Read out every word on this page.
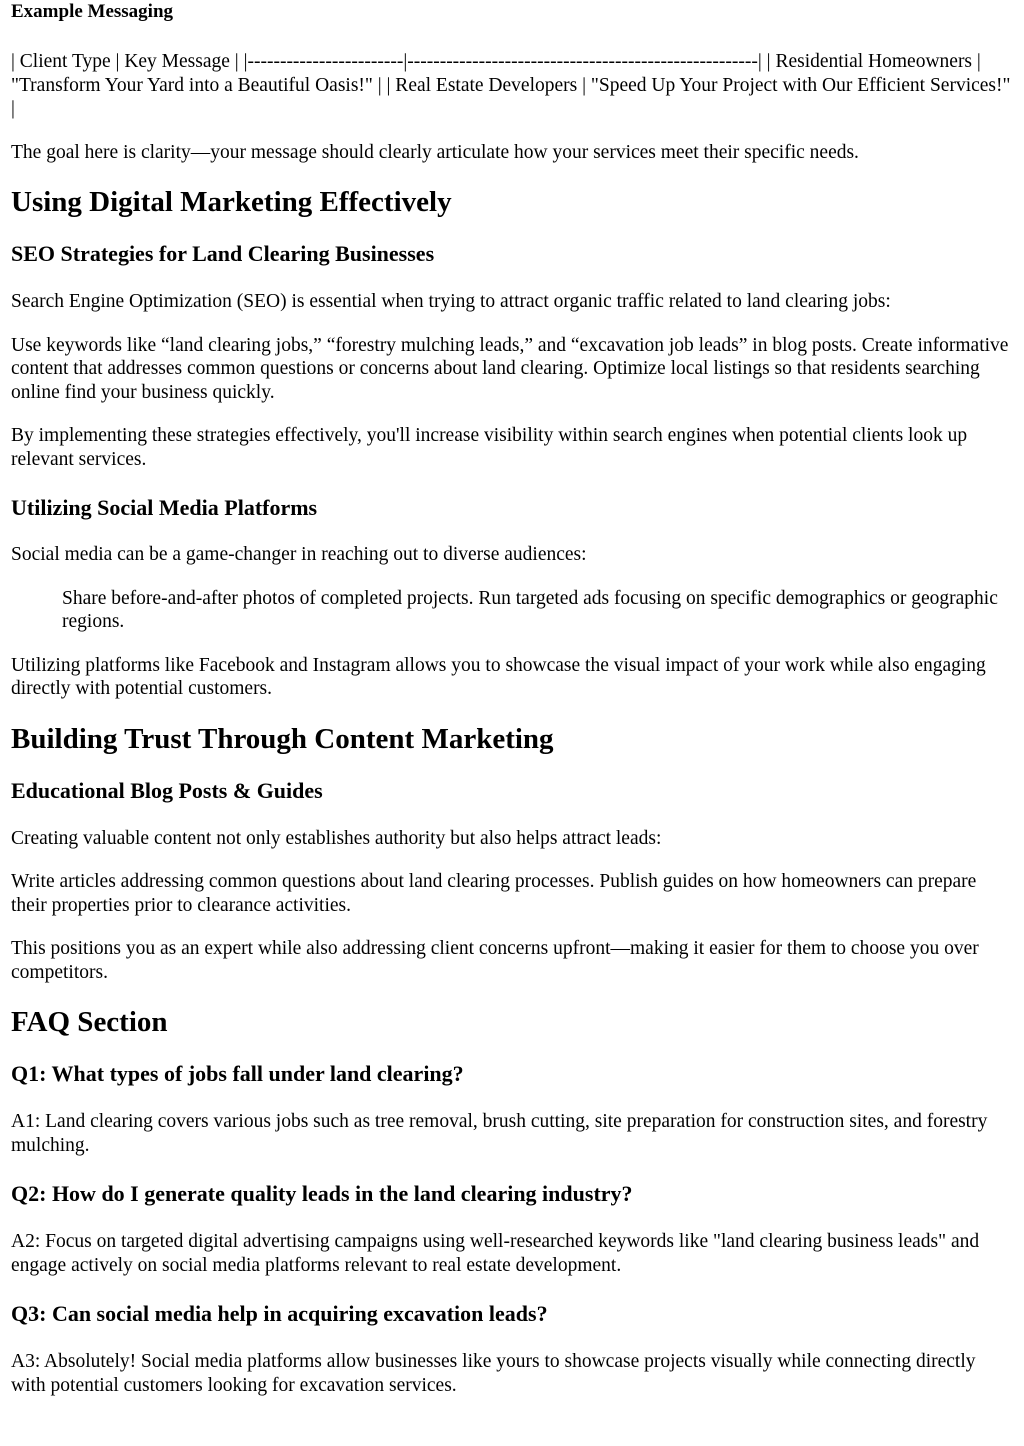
Example Messaging

| Client Type | Key Message | |------------------------|------------------------------------------------------| | Residential Homeowners | "Transform Your Yard into a Beautiful Oasis!" | | Real Estate Developers | "Speed Up Your Project with Our Efficient Services!" |

The goal here is clarity—your message should clearly articulate how your services meet their specific needs.

Using Digital Marketing Effectively
SEO Strategies for Land Clearing Businesses

Search Engine Optimization (SEO) is essential when trying to attract organic traffic related to land clearing jobs:

Use keywords like “land clearing jobs,” “forestry mulching leads,” and “excavation job leads” in blog posts. Create informative content that addresses common questions or concerns about land clearing. Optimize local listings so that residents searching online find your business quickly.

By implementing these strategies effectively, you'll increase visibility within search engines when potential clients look up relevant services.

Utilizing Social Media Platforms

Social media can be a game-changer in reaching out to diverse audiences:

Share before-and-after photos of completed projects. Run targeted ads focusing on specific demographics or geographic regions.

Utilizing platforms like Facebook and Instagram allows you to showcase the visual impact of your work while also engaging directly with potential customers.

Building Trust Through Content Marketing
Educational Blog Posts & Guides

Creating valuable content not only establishes authority but also helps attract leads:

Write articles addressing common questions about land clearing processes. Publish guides on how homeowners can prepare their properties prior to clearance activities.

This positions you as an expert while also addressing client concerns upfront—making it easier for them to choose you over competitors.

FAQ Section
Q1: What types of jobs fall under land clearing?

A1: Land clearing covers various jobs such as tree removal, brush cutting, site preparation for construction sites, and forestry mulching.

Q2: How do I generate quality leads in the land clearing industry?

A2: Focus on targeted digital advertising campaigns using well-researched keywords like "land clearing business leads" and engage actively on social media platforms relevant to real estate development.

Q3: Can social media help in acquiring excavation leads?

A3: Absolutely! Social media platforms allow businesses like yours to showcase projects visually while connecting directly with potential customers looking for excavation services.
